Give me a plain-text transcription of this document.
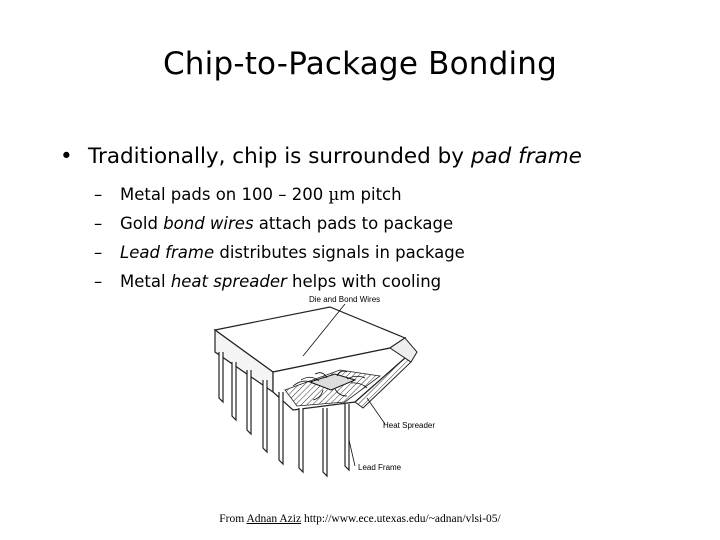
Chip-to-Package Bonding
• Traditionally, chip is surrounded by pad frame
–	Metal pads on 100 – 200 µm pitch
–	Gold bond wires attach pads to package
–	Lead frame distributes signals in package
–	Metal heat spreader helps with cooling
Die and Bond Wires
Heat Spreader
Lead Frame
From Adnan Aziz http://www.ece.utexas.edu/~adnan/vlsi-05/
